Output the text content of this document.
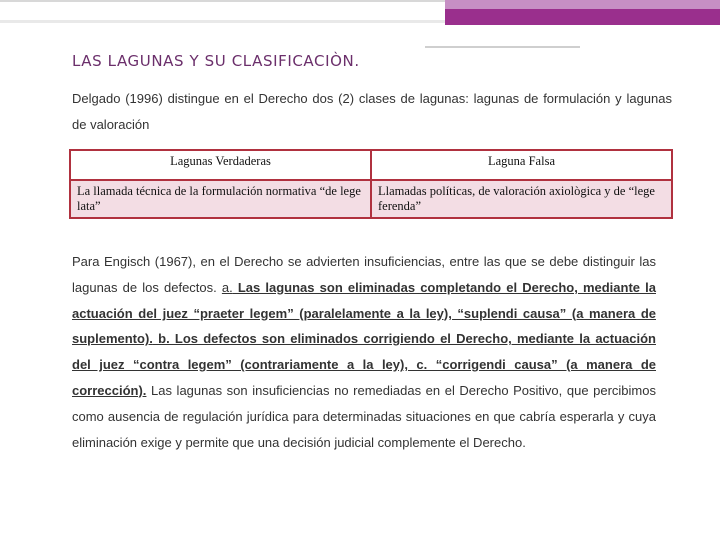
LAS LAGUNAS Y SU CLASIFICACIÒN.

Delgado (1996) distingue en el Derecho dos (2) clases de lagunas: lagunas de formulación y lagunas de valoración

Lagunas Verdaderas	Laguna Falsa
La llamada técnica de la formulación normativa “de lege lata”	Llamadas políticas, de valoración axiològica y de “lege ferenda”

Para Engisch (1967), en el Derecho se advierten insuficiencias, entre las que se debe distinguir las lagunas de los defectos. a. Las lagunas son eliminadas completando el Derecho, mediante la actuación del juez “praeter legem” (paralelamente a la ley), “suplendi causa” (a manera de suplemento). b. Los defectos son eliminados corrigiendo el Derecho, mediante la actuación del juez “contra legem” (contrariamente a la ley), c. “corrigendi causa” (a manera de corrección). Las lagunas son insuficiencias no remediadas en el Derecho Positivo, que percibimos como ausencia de regulación jurídica para determinadas situaciones en que cabría esperarla y cuya eliminación exige y permite que una decisión judicial complemente el Derecho.
